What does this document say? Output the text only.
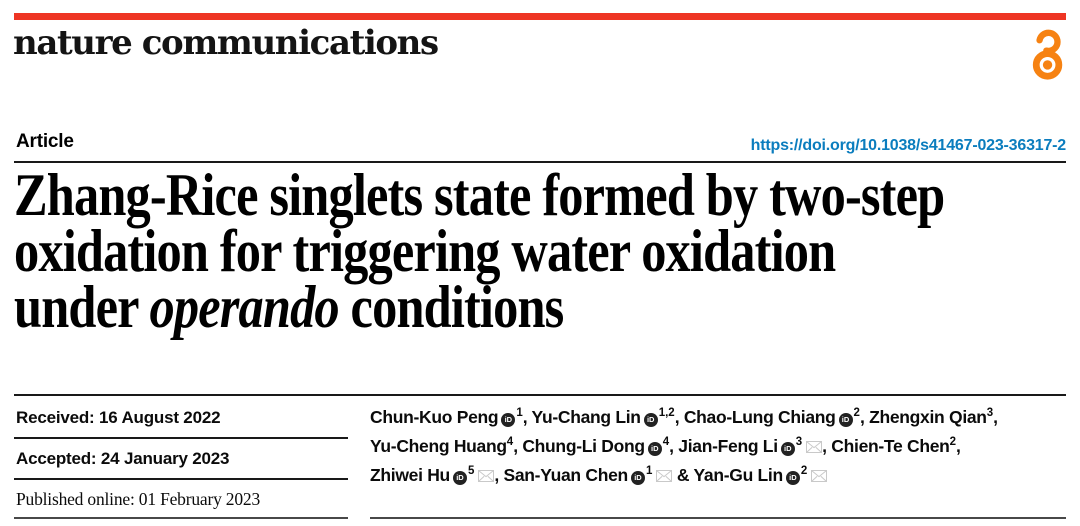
nature communications
Article	https://doi.org/10.1038/s41467-023-36317-2
Zhang-Rice singlets state formed by two-step
oxidation for triggering water oxidation
under operando conditions
Received: 16 August 2022
Accepted: 24 January 2023
Published online: 01 February 2023
Chun-Kuo Peng $iD^1$, Yu-Chang Lin iD$^{1,2}$, Chao-Lung Chiang $iD^2$, Zhengxin Qian$^3$,
Yu-Cheng Huang$^4$, Chung-Li Dong $iD^4$, Jian-Feng Li $iD^3$ , Chien-Te Chen$^2$,
Zhiwei Hu $iD^5$ , San-Yuan Chen $iD^1$
& Yan-Gu Lin $iD^2$
